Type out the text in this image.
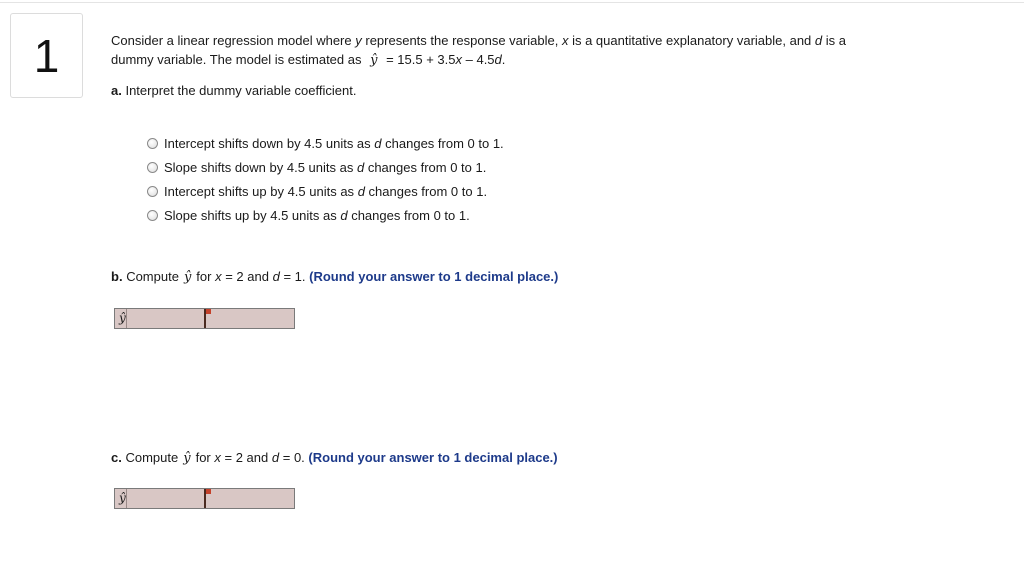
1	Consider a linear regression model where y represents the response variable, x is a quantitative explanatory variable, and d is a
dummy variable. The model is estimated as ŷ = 15.5 + 3.5x – 4.5d.
a. Interpret the dummy variable coefficient.
Intercept shifts down by 4.5 units as d changes from 0 to 1.
Slope shifts down by 4.5 units as d changes from 0 to 1.
Intercept shifts up by 4.5 units as d changes from 0 to 1.
Slope shifts up by 4.5 units as d changes from 0 to 1.
b. Compute ŷ for x = 2 and d = 1. (Round your answer to 1 decimal place.)
ŷ
c. Compute ŷ for x = 2 and d = 0. (Round your answer to 1 decimal place.)
ŷ
